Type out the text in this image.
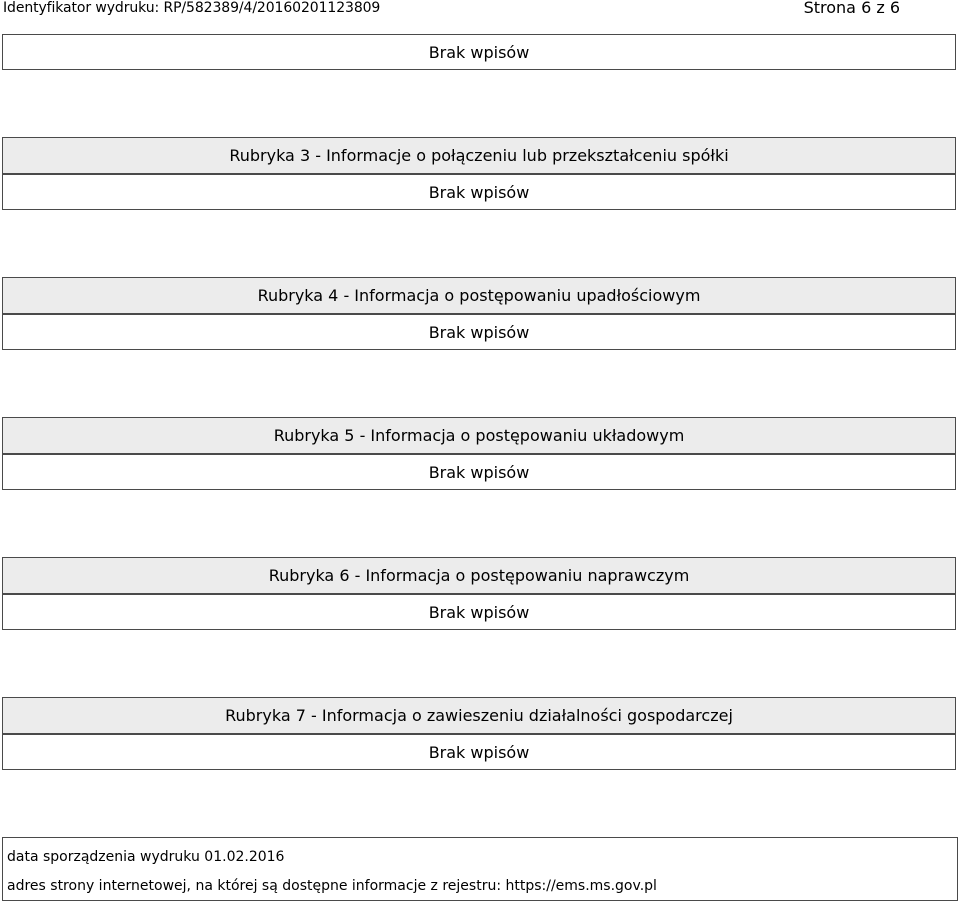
Identyfikator wydruku: RP/582389/4/20160201123809	Strona 6 z 6
Brak wpisów
Rubryka 3 - Informacje o połączeniu lub przekształceniu spółki
Brak wpisów
Rubryka 4 - Informacja o postępowaniu upadłościowym
Brak wpisów
Rubryka 5 - Informacja o postępowaniu układowym
Brak wpisów
Rubryka 6 - Informacja o postępowaniu naprawczym
Brak wpisów
Rubryka 7 - Informacja o zawieszeniu działalności gospodarczej
Brak wpisów
data sporządzenia wydruku 01.02.2016
adres strony internetowej, na której są dostępne informacje z rejestru: https://ems.ms.gov.pl
